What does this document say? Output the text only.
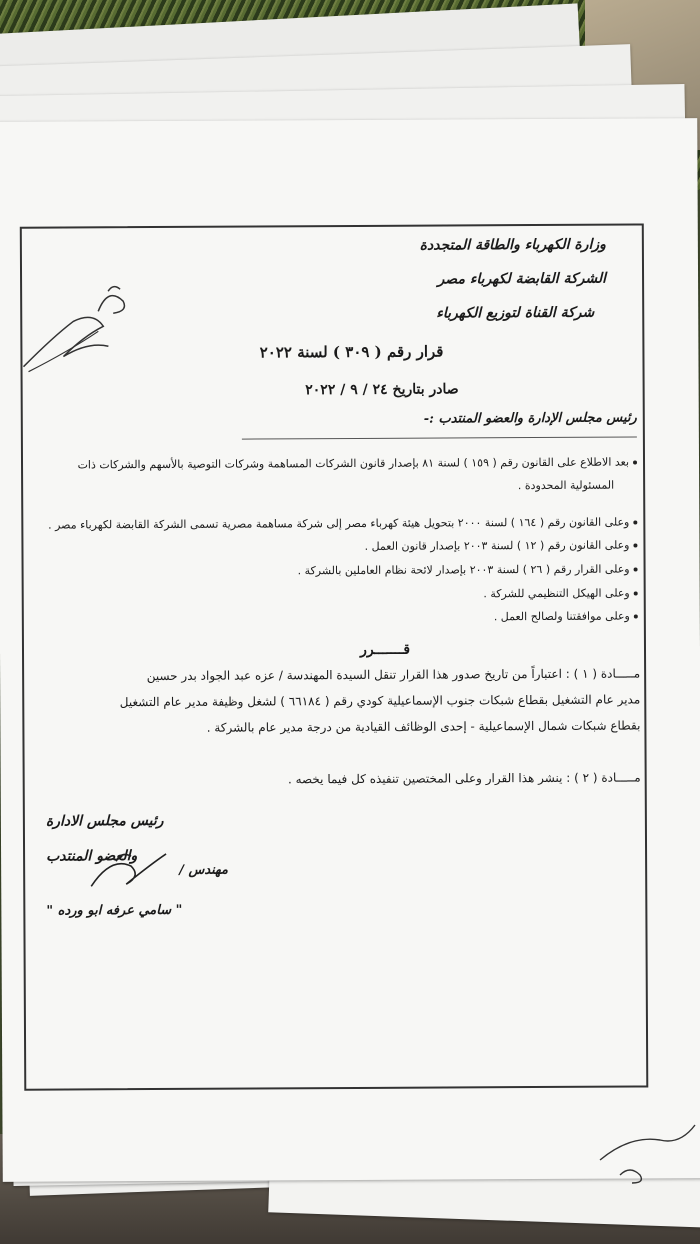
وزارة الكهرباء والطاقة المتجددة
الشركة القابضة لكهرباء مصر
شركة القناة لتوزيع الكهرباء
قرار رقم ( ٣٠٩ ) لسنة ٢٠٢٢
صادر بتاريخ ٢٤ / ٩ / ٢٠٢٢
رئيس مجلس الإدارة والعضو المنتدب :-
بعد الاطلاع على القانون رقم ( ١٥٩ ) لسنة ٨١ بإصدار قانون الشركات المساهمة وشركات التوصية بالأسهم والشركات ذات
المسئولية المحدودة .
وعلى القانون رقم ( ١٦٤ ) لسنة ٢٠٠٠ بتحويل هيئة كهرباء مصر إلى شركة مساهمة مصرية تسمى الشركة القابضة لكهرباء مصر .
وعلى القانون رقم ( ١٢ ) لسنة ٢٠٠٣ بإصدار قانون العمل .
وعلى القرار رقم ( ٢٦ ) لسنة ٢٠٠٣ بإصدار لائحة نظام العاملين بالشركة .
وعلى الهيكل التنظيمي للشركة .
وعلى موافقتنا ولصالح العمل .
قـــــــرر
مـــــادة ( ١ ) : اعتباراً من تاريخ صدور هذا القرار تنقل السيدة المهندسة / عزه عبد الجواد بدر حسين
مدير عام التشغيل بقطاع شبكات جنوب الإسماعيلية كودي رقم ( ٦٦١٨٤ ) لشغل وظيفة مدير عام التشغيل
بقطاع شبكات شمال الإسماعيلية - إحدى الوظائف القيادية من درجة مدير عام بالشركة .
مـــــادة ( ٢ ) : ينشر هذا القرار وعلى المختصين تنفيذه كل فيما يخصه .
رئيس مجلس الادارة
والعضو المنتدب
مهندس /
" سامي عرفه ابو ورده "
